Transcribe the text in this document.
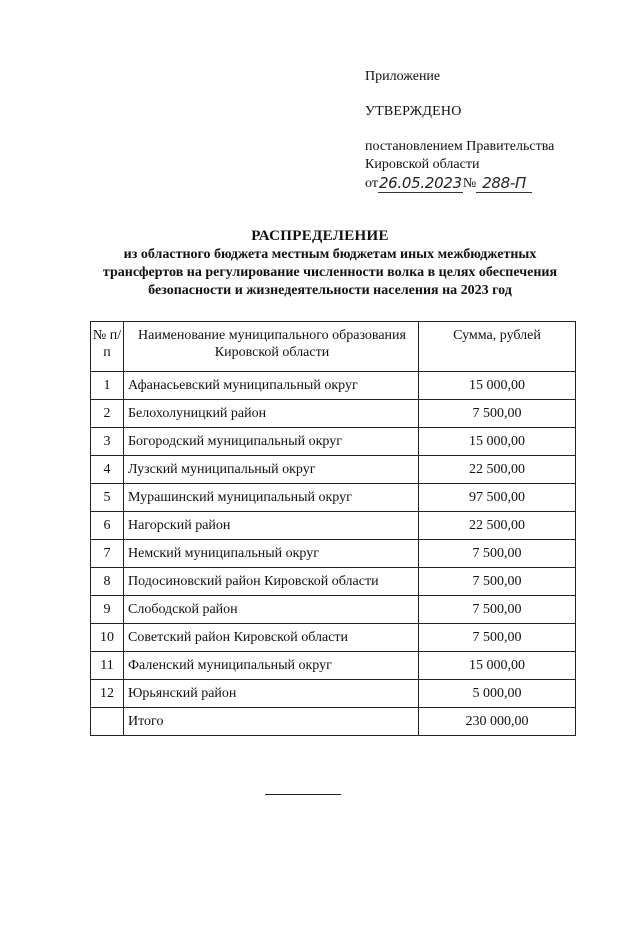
Приложение
УТВЕРЖДЕНО
постановлением Правительства
Кировской области
от 26.05.2023 № 288-П
РАСПРЕДЕЛЕНИЕ
из областного бюджета местным бюджетам иных межбюджетных трансфертов на регулирование численности волка в целях обеспечения безопасности и жизнедеятельности населения на 2023 год
№ п/п	Наименование муниципального образования Кировской области	Сумма, рублей
1	Афанасьевский муниципальный округ	15 000,00
2	Белохолуницкий район	7 500,00
3	Богородский муниципальный округ	15 000,00
4	Лузский муниципальный округ	22 500,00
5	Мурашинский муниципальный округ	97 500,00
6	Нагорский район	22 500,00
7	Немский муниципальный округ	7 500,00
8	Подосиновский район Кировской области	7 500,00
9	Слободской район	7 500,00
10	Советский район Кировской области	7 500,00
11	Фаленский муниципальный округ	15 000,00
12	Юрьянский район	5 000,00
	Итого	230 000,00
